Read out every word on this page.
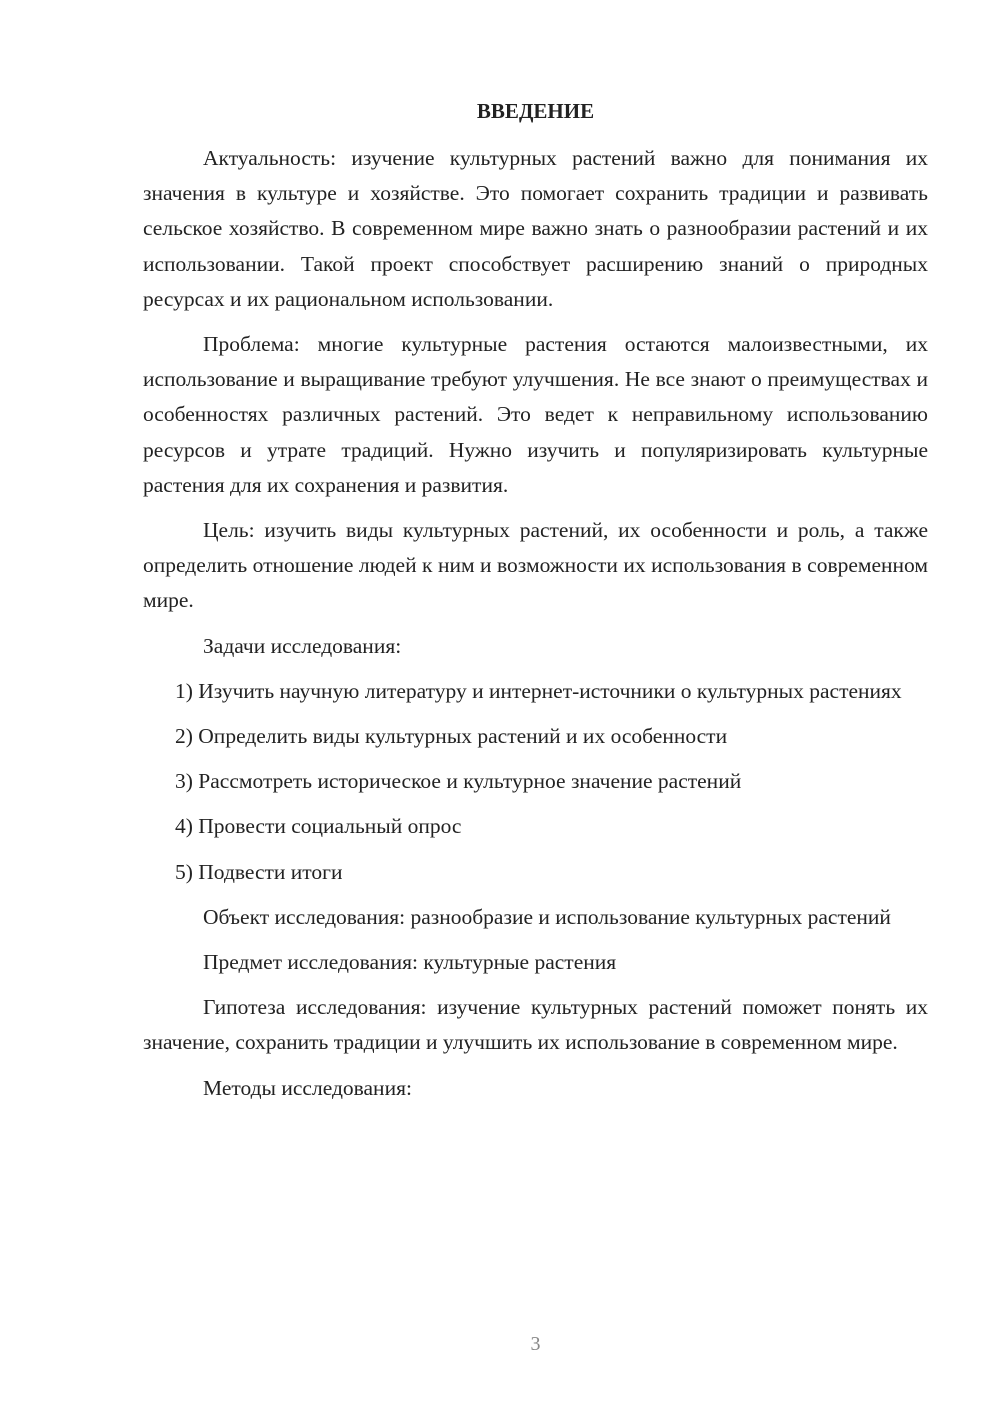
ВВЕДЕНИЕ

Актуальность: изучение культурных растений важно для понимания их значения в культуре и хозяйстве. Это помогает сохранить традиции и развивать сельское хозяйство. В современном мире важно знать о разнообразии растений и их использовании. Такой проект способствует расширению знаний о природных ресурсах и их рациональном использовании.

Проблема: многие культурные растения остаются малоизвестными, их использование и выращивание требуют улучшения. Не все знают о преимуществах и особенностях различных растений. Это ведет к неправильному использованию ресурсов и утрате традиций. Нужно изучить и популяризировать культурные растения для их сохранения и развития.

Цель: изучить виды культурных растений, их особенности и роль, а также определить отношение людей к ним и возможности их использования в современном мире.

Задачи исследования:

1) Изучить научную литературу и интернет-источники о культурных растениях

2) Определить виды культурных растений и их особенности

3) Рассмотреть историческое и культурное значение растений

4) Провести социальный опрос

5) Подвести итоги

Объект исследования: разнообразие и использование культурных растений

Предмет исследования: культурные растения

Гипотеза исследования: изучение культурных растений поможет понять их значение, сохранить традиции и улучшить их использование в современном мире.

Методы исследования:

3
